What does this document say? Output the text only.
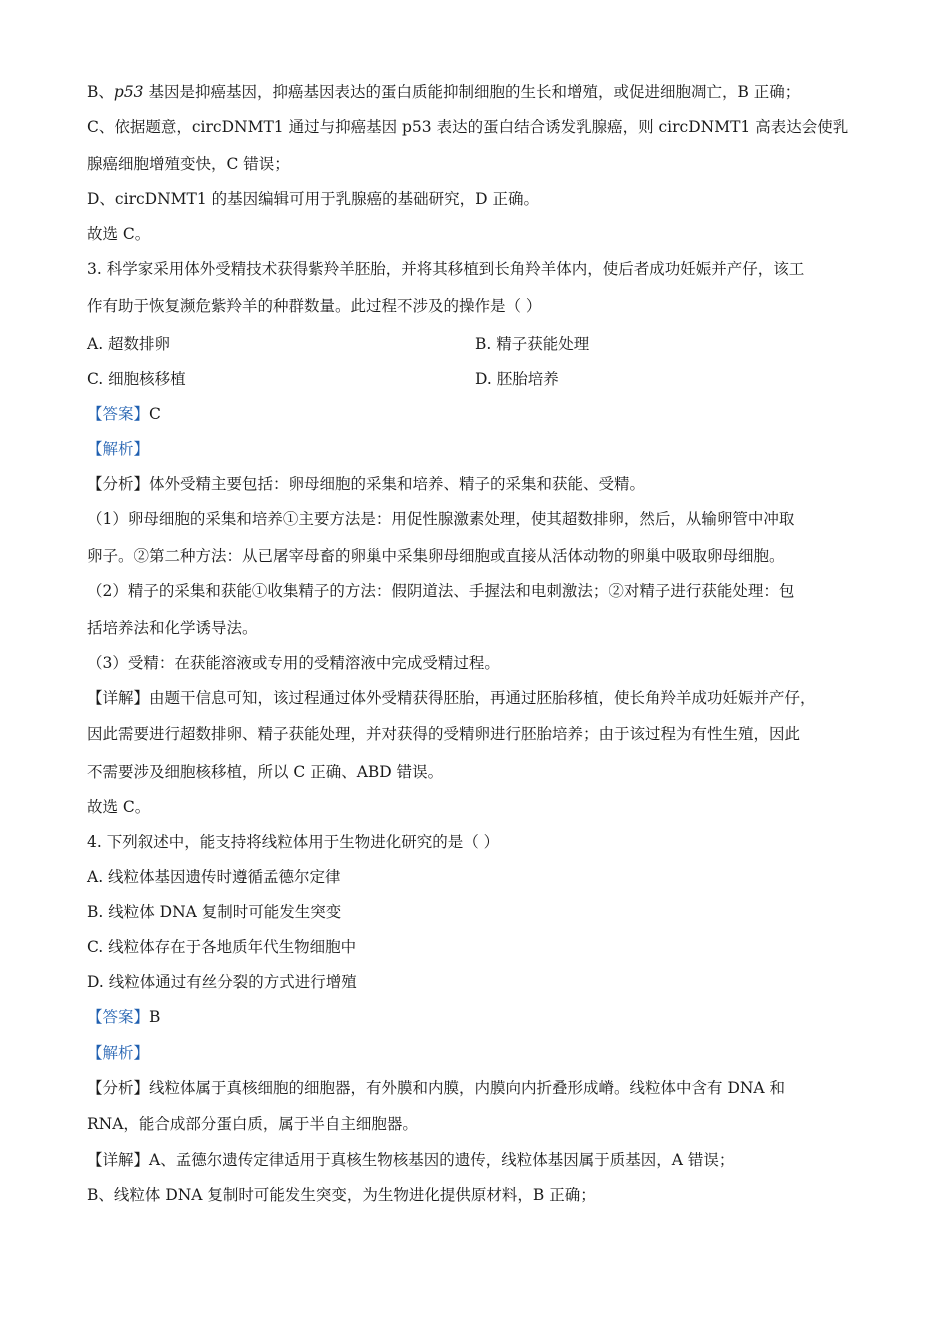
B、p53 基因是抑癌基因，抑癌基因表达的蛋白质能抑制细胞的生长和增殖，或促进细胞凋亡，B 正确；
C、依据题意，circDNMT1 通过与抑癌基因 p53 表达的蛋白结合诱发乳腺癌，则 circDNMT1 高表达会使乳
腺癌细胞增殖变快，C 错误；
D、circDNMT1 的基因编辑可用于乳腺癌的基础研究，D 正确。
故选 C。
3. 科学家采用体外受精技术获得紫羚羊胚胎，并将其移植到长角羚羊体内，使后者成功妊娠并产仔，该工
作有助于恢复濒危紫羚羊的种群数量。此过程不涉及的操作是（ ）
A. 超数排卵	B. 精子获能处理
C. 细胞核移植	D. 胚胎培养
【答案】C
【解析】
【分析】体外受精主要包括：卵母细胞的采集和培养、精子的采集和获能、受精。
（1）卵母细胞的采集和培养①主要方法是：用促性腺激素处理，使其超数排卵，然后，从输卵管中冲取
卵子。②第二种方法：从已屠宰母畜的卵巢中采集卵母细胞或直接从活体动物的卵巢中吸取卵母细胞。
（2）精子的采集和获能①收集精子的方法：假阴道法、手握法和电刺激法；②对精子进行获能处理：包
括培养法和化学诱导法。
（3）受精：在获能溶液或专用的受精溶液中完成受精过程。
【详解】由题干信息可知，该过程通过体外受精获得胚胎，再通过胚胎移植，使长角羚羊成功妊娠并产仔，
因此需要进行超数排卵、精子获能处理，并对获得的受精卵进行胚胎培养；由于该过程为有性生殖，因此
不需要涉及细胞核移植，所以 C 正确、ABD 错误。
故选 C。
4. 下列叙述中，能支持将线粒体用于生物进化研究的是（ ）
A. 线粒体基因遗传时遵循孟德尔定律
B. 线粒体 DNA 复制时可能发生突变
C. 线粒体存在于各地质年代生物细胞中
D. 线粒体通过有丝分裂的方式进行增殖
【答案】B
【解析】
【分析】线粒体属于真核细胞的细胞器，有外膜和内膜，内膜向内折叠形成嵴。线粒体中含有 DNA 和
RNA，能合成部分蛋白质，属于半自主细胞器。
【详解】A、孟德尔遗传定律适用于真核生物核基因的遗传，线粒体基因属于质基因，A 错误；
B、线粒体 DNA 复制时可能发生突变，为生物进化提供原材料，B 正确；
